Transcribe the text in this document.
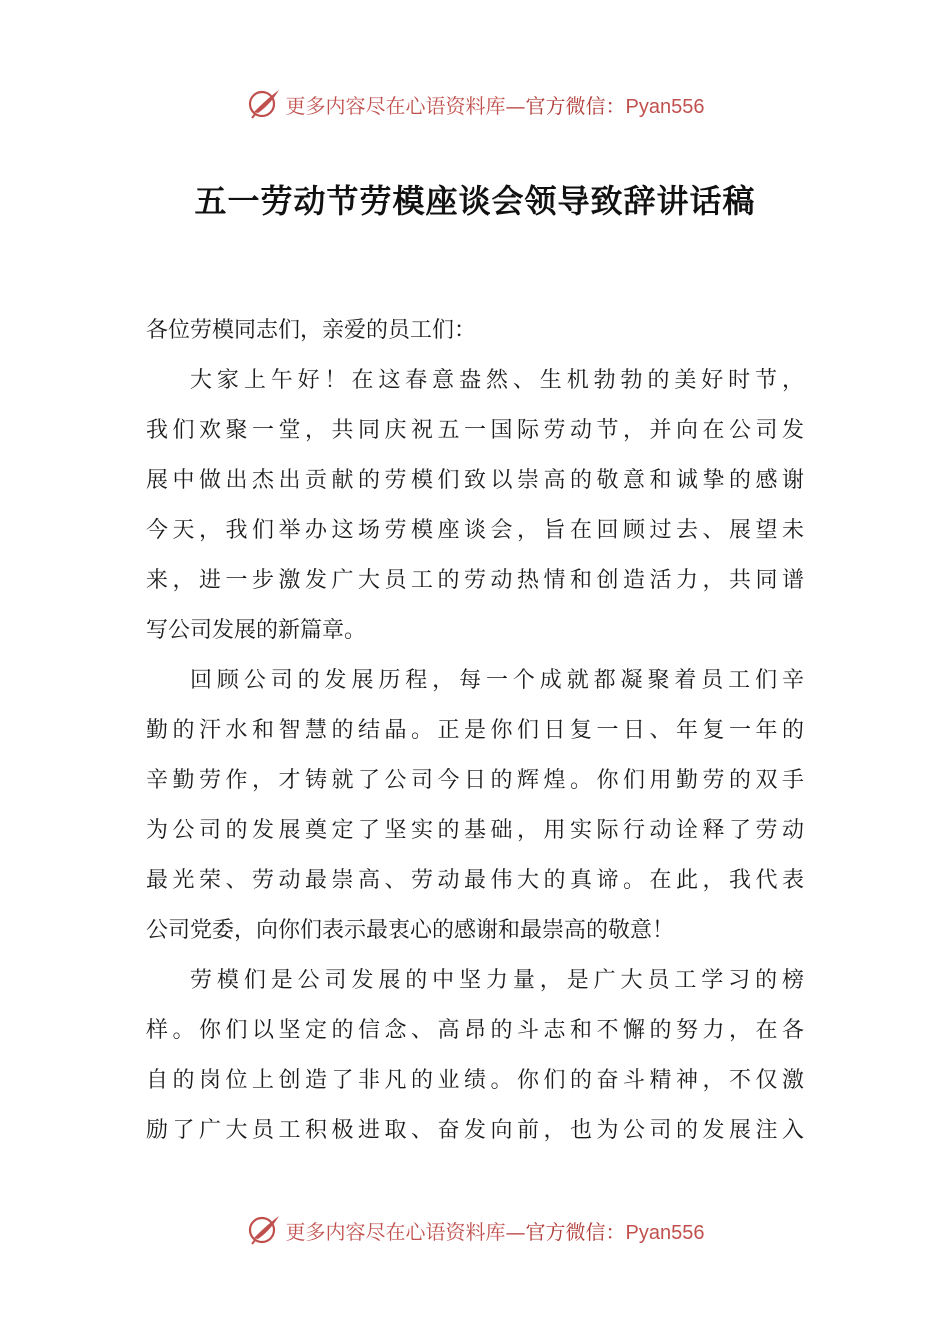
更多内容尽在心语资料库—官方微信：Pyan556
五一劳动节劳模座谈会领导致辞讲话稿

各位劳模同志们，亲爱的员工们：

大家上午好！在这春意盎然、生机勃勃的美好时节，
我们欢聚一堂，共同庆祝五一国际劳动节，并向在公司发
展中做出杰出贡献的劳模们致以崇高的敬意和诚挚的感谢
今天，我们举办这场劳模座谈会，旨在回顾过去、展望未
来，进一步激发广大员工的劳动热情和创造活力，共同谱
写公司发展的新篇章。

回顾公司的发展历程，每一个成就都凝聚着员工们辛
勤的汗水和智慧的结晶。正是你们日复一日、年复一年的
辛勤劳作，才铸就了公司今日的辉煌。你们用勤劳的双手
为公司的发展奠定了坚实的基础，用实际行动诠释了劳动
最光荣、劳动最崇高、劳动最伟大的真谛。在此，我代表
公司党委，向你们表示最衷心的感谢和最崇高的敬意！

劳模们是公司发展的中坚力量，是广大员工学习的榜
样。你们以坚定的信念、高昂的斗志和不懈的努力，在各
自的岗位上创造了非凡的业绩。你们的奋斗精神，不仅激
励了广大员工积极进取、奋发向前，也为公司的发展注入

更多内容尽在心语资料库—官方微信：Pyan556
